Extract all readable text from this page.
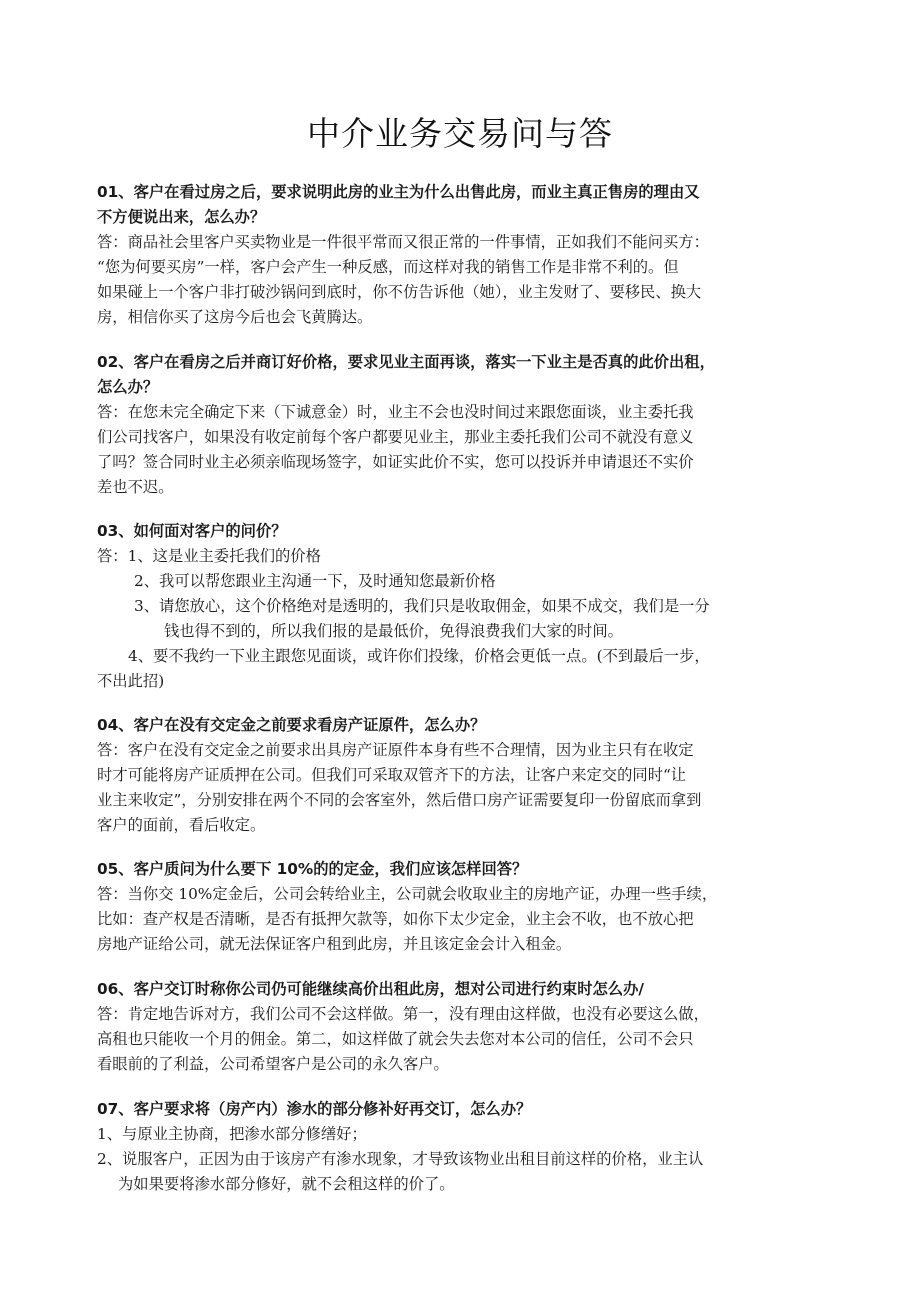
中介业务交易问与答
01、客户在看过房之后，要求说明此房的业主为什么出售此房，而业主真正售房的理由又
不方便说出来，怎么办？
答：商品社会里客户买卖物业是一件很平常而又很正常的一件事情，正如我们不能问买方：
“您为何要买房”一样，客户会产生一种反感，而这样对我的销售工作是非常不利的。但
如果碰上一个客户非打破沙锅问到底时，你不仿告诉他（她），业主发财了、要移民、换大
房，相信你买了这房今后也会飞黄腾达。
02、客户在看房之后并商订好价格，要求见业主面再谈，落实一下业主是否真的此价出租，
怎么办？
答：在您未完全确定下来（下诚意金）时，业主不会也没时间过来跟您面谈，业主委托我
们公司找客户，如果没有收定前每个客户都要见业主，那业主委托我们公司不就没有意义
了吗？签合同时业主必须亲临现场签字，如证实此价不实，您可以投诉并申请退还不实价
差也不迟。
03、如何面对客户的问价？
答：1、这是业主委托我们的价格
2、我可以帮您跟业主沟通一下，及时通知您最新价格
3、请您放心，这个价格绝对是透明的，我们只是收取佣金，如果不成交，我们是一分
钱也得不到的，所以我们报的是最低价，免得浪费我们大家的时间。
4、要不我约一下业主跟您见面谈，或许你们投缘，价格会更低一点。(不到最后一步，
不出此招)
04、客户在没有交定金之前要求看房产证原件，怎么办？
答：客户在没有交定金之前要求出具房产证原件本身有些不合理情，因为业主只有在收定
时才可能将房产证质押在公司。但我们可采取双管齐下的方法，让客户来定交的同时“让
业主来收定”，分别安排在两个不同的会客室外，然后借口房产证需要复印一份留底而拿到
客户的面前，看后收定。
05、客户质问为什么要下 10%的的定金，我们应该怎样回答？
答：当你交 10%定金后，公司会转给业主，公司就会收取业主的房地产证，办理一些手续，
比如：查产权是否清晰，是否有抵押欠款等，如你下太少定金，业主会不收，也不放心把
房地产证给公司，就无法保证客户租到此房，并且该定金会计入租金。
06、客户交订时称你公司仍可能继续高价出租此房，想对公司进行约束时怎么办/
答：肯定地告诉对方，我们公司不会这样做。第一，没有理由这样做，也没有必要这么做，
高租也只能收一个月的佣金。第二，如这样做了就会失去您对本公司的信任，公司不会只
看眼前的了利益，公司希望客户是公司的永久客户。
07、客户要求将（房产内）渗水的部分修补好再交订，怎么办？
1、与原业主协商，把渗水部分修缮好；
2、说服客户，正因为由于该房产有渗水现象，才导致该物业出租目前这样的价格，业主认
为如果要将渗水部分修好，就不会租这样的价了。
